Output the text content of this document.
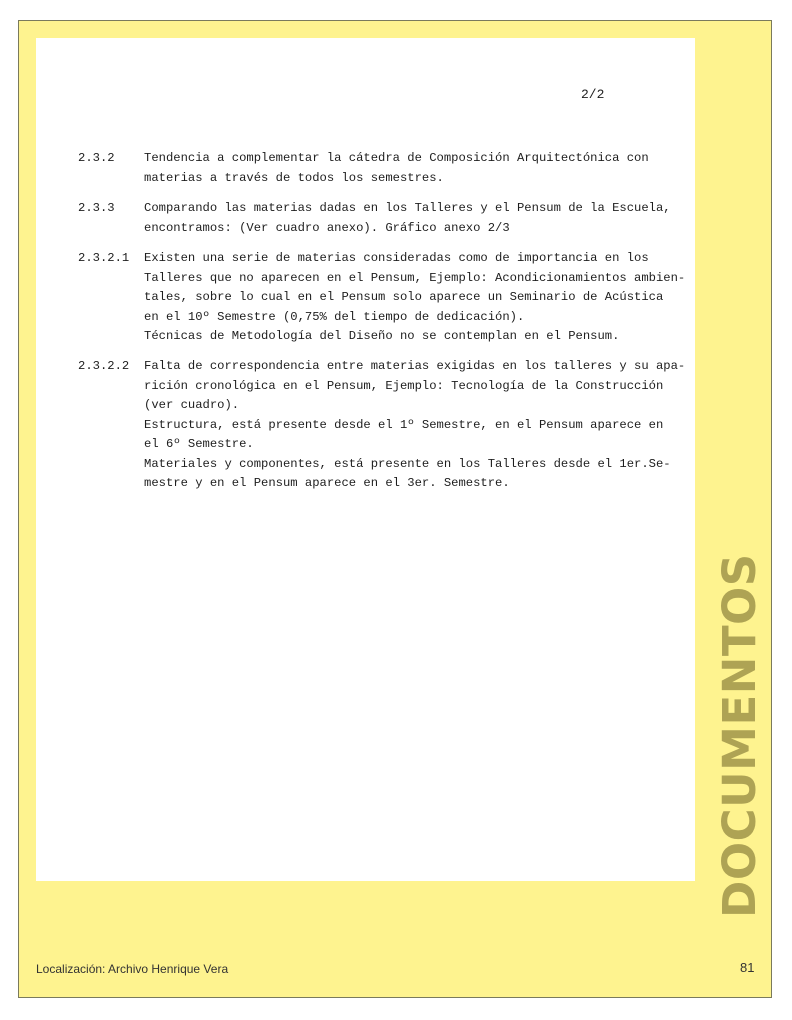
2/2
2.3.2 Tendencia a complementar la cátedra de Composición Arquitectónica con
materias a través de todos los semestres.
2.3.3 Comparando las materias dadas en los Talleres y el Pensum de la Escuela,
encontramos: (Ver cuadro anexo). Gráfico anexo 2/3
2.3.2.1 Existen una serie de materias consideradas como de importancia en los
Talleres que no aparecen en el Pensum, Ejemplo: Acondicionamientos ambien-
tales, sobre lo cual en el Pensum solo aparece un Seminario de Acústica
en el 10º Semestre (0,75% del tiempo de dedicación).
Técnicas de Metodología del Diseño no se contemplan en el Pensum.
2.3.2.2 Falta de correspondencia entre materias exigidas en los talleres y su apa-
rición cronológica en el Pensum, Ejemplo: Tecnología de la Construcción
(ver cuadro).
Estructura, está presente desde el 1º Semestre, en el Pensum aparece en
el 6º Semestre.
Materiales y componentes, está presente en los Talleres desde el 1er.Se-
mestre y en el Pensum aparece en el 3er. Semestre.
DOCUMENTOS
Localización: Archivo Henrique Vera	81
